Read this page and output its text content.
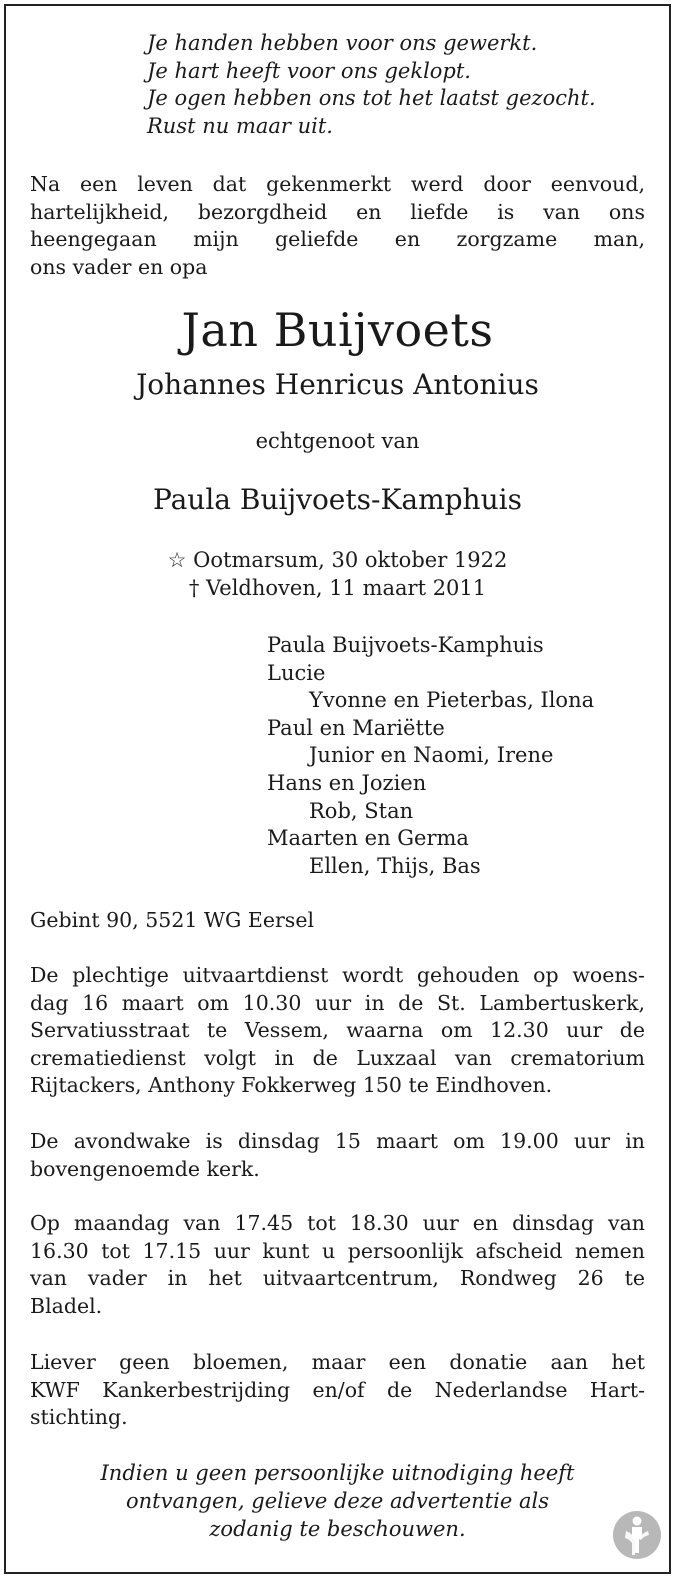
Je handen hebben voor ons gewerkt.
Je hart heeft voor ons geklopt.
Je ogen hebben ons tot het laatst gezocht.
Rust nu maar uit.
Na een leven dat gekenmerkt werd door eenvoud,
hartelijkheid, bezorgdheid en liefde is van ons
heengegaan mijn geliefde en zorgzame man,
ons vader en opa
Jan Buijvoets
Johannes Henricus Antonius
echtgenoot van
Paula Buijvoets-Kamphuis
☆ Ootmarsum, 30 oktober 1922
† Veldhoven, 11 maart 2011
Paula Buijvoets-Kamphuis
Lucie
Yvonne en Pieterbas, Ilona
Paul en Mariëtte
Junior en Naomi, Irene
Hans en Jozien
Rob, Stan
Maarten en Germa
Ellen, Thijs, Bas
Gebint 90, 5521 WG Eersel
De plechtige uitvaartdienst wordt gehouden op woens-
dag 16 maart om 10.30 uur in de St. Lambertuskerk,
Servatiusstraat te Vessem, waarna om 12.30 uur de
crematiedienst volgt in de Luxzaal van crematorium
Rijtackers, Anthony Fokkerweg 150 te Eindhoven.
De avondwake is dinsdag 15 maart om 19.00 uur in
bovengenoemde kerk.
Op maandag van 17.45 tot 18.30 uur en dinsdag van
16.30 tot 17.15 uur kunt u persoonlijk afscheid nemen
van vader in het uitvaartcentrum, Rondweg 26 te
Bladel.
Liever geen bloemen, maar een donatie aan het
KWF Kankerbestrijding en/of de Nederlandse Hart-
stichting.
Indien u geen persoonlijke uitnodiging heeft
ontvangen, gelieve deze advertentie als
zodanig te beschouwen.
